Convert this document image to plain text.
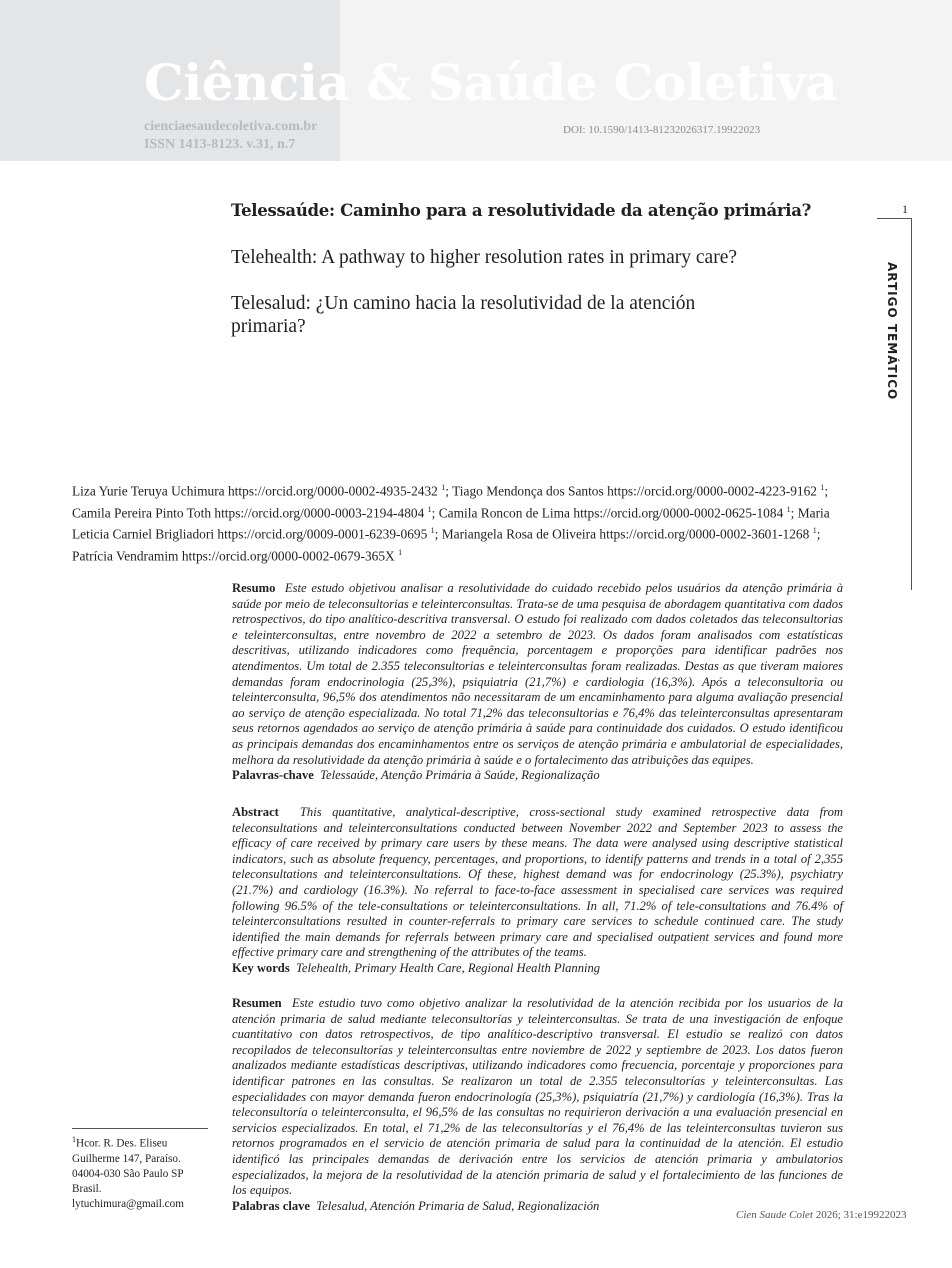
Ciência & Saúde Coletiva
cienciaesaudecoletiva.com.br
ISSN 1413-8123. v.31, n.7
DOI: 10.1590/1413-81232026317.19922023
1
ARTIGO TEMÁTICO
Telessaúde: Caminho para a resolutividade da atenção primária?
Telehealth: A pathway to higher resolution rates in primary care?
Telesalud: ¿Un camino hacia la resolutividad de la atención primaria?

Liza Yurie Teruya Uchimura https://orcid.org/0000-0002-4935-2432 $^1$; Tiago Mendonça dos Santos https://orcid.org/0000-0002-4223-9162 $^1$; Camila Pereira Pinto Toth https://orcid.org/0000-0003-2194-4804 $^1$; Camila Roncon de Lima https://orcid.org/0000-0002-0625-1084 $^1$; Maria Leticia Carniel Brigliadori https://orcid.org/0009-0001-6239-0695 $^1$; Mariangela Rosa de Oliveira https://orcid.org/0000-0002-3601-1268 $^1$; Patrícia Vendramim https://orcid.org/0000-0002-0679-365X $^1$

Resumo Este estudo objetivou analisar a resolutividade do cuidado recebido pelos usuários da atenção primária à saúde por meio de teleconsultorias e teleinterconsultas. Trata-se de uma pesquisa de abordagem quantitativa com dados retrospectivos, do tipo analítico-descritiva transversal. O estudo foi realizado com dados coletados das teleconsultorias e teleinterconsultas, entre novembro de 2022 a setembro de 2023. Os dados foram analisados com estatísticas descritivas, utilizando indicadores como frequência, porcentagem e proporções para identificar padrões nos atendimentos. Um total de 2.355 teleconsultorias e teleinterconsultas foram realizadas. Destas as que tiveram maiores demandas foram endocrinologia (25,3%), psiquiatria (21,7%) e cardiologia (16,3%). Após a teleconsultoria ou teleinterconsulta, 96,5% dos atendimentos não necessitaram de um encaminhamento para alguma avaliação presencial ao serviço de atenção especializada. No total 71,2% das teleconsultorias e 76,4% das teleinterconsultas apresentaram seus retornos agendados ao serviço de atenção primária à saúde para continuidade dos cuidados. O estudo identificou as principais demandas dos encaminhamentos entre os serviços de atenção primária e ambulatorial de especialidades, melhora da resolutividade da atenção primária à saúde e o fortalecimento das atribuições das equipes.
Palavras-chave Telessaúde, Atenção Primária à Saúde, Regionalização

Abstract This quantitative, analytical-descriptive, cross-sectional study examined retrospective data from teleconsultations and teleinterconsultations conducted between November 2022 and September 2023 to assess the efficacy of care received by primary care users by these means. The data were analysed using descriptive statistical indicators, such as absolute frequency, percentages, and proportions, to identify patterns and trends in a total of 2,355 teleconsultations and teleinterconsultations. Of these, highest demand was for endocrinology (25.3%), psychiatry (21.7%) and cardiology (16.3%). No referral to face-to-face assessment in specialised care services was required following 96.5% of the tele-consultations or teleinterconsultations. In all, 71.2% of tele-consultations and 76.4% of teleinterconsultations resulted in counter-referrals to primary care services to schedule continued care. The study identified the main demands for referrals between primary care and specialised outpatient services and found more effective primary care and strengthening of the attributes of the teams.
Key words Telehealth, Primary Health Care, Regional Health Planning

Resumen Este estudio tuvo como objetivo analizar la resolutividad de la atención recibida por los usuarios de la atención primaria de salud mediante teleconsultorías y teleinterconsultas. Se trata de una investigación de enfoque cuantitativo con datos retrospectivos, de tipo analítico-descriptivo transversal. El estudio se realizó con datos recopilados de teleconsultorías y teleinterconsultas entre noviembre de 2022 y septiembre de 2023. Los datos fueron analizados mediante estadísticas descriptivas, utilizando indicadores como frecuencia, porcentaje y proporciones para identificar patrones en las consultas. Se realizaron un total de 2.355 teleconsultorías y teleinterconsultas. Las especialidades con mayor demanda fueron endocrinología (25,3%), psiquiatría (21,7%) y cardiología (16,3%). Tras la teleconsultoría o teleinterconsulta, el 96,5% de las consultas no requirieron derivación a una evaluación presencial en servicios especializados. En total, el 71,2% de las teleconsultorías y el 76,4% de las teleinterconsultas tuvieron sus retornos programados en el servicio de atención primaria de salud para la continuidad de la atención. El estudio identificó las principales demandas de derivación entre los servicios de atención primaria y ambulatorios especializados, la mejora de la resolutividad de la atención primaria de salud y el fortalecimiento de las funciones de los equipos.
Palabras clave Telesalud, Atención Primaria de Salud, Regionalización

$^1$Hcor. R. Des. Eliseu Guilherme 147, Paraíso. 04004-030 São Paulo SP Brasil. lytuchimura@gmail.com

Cien Saude Colet 2026; 31:e19922023
